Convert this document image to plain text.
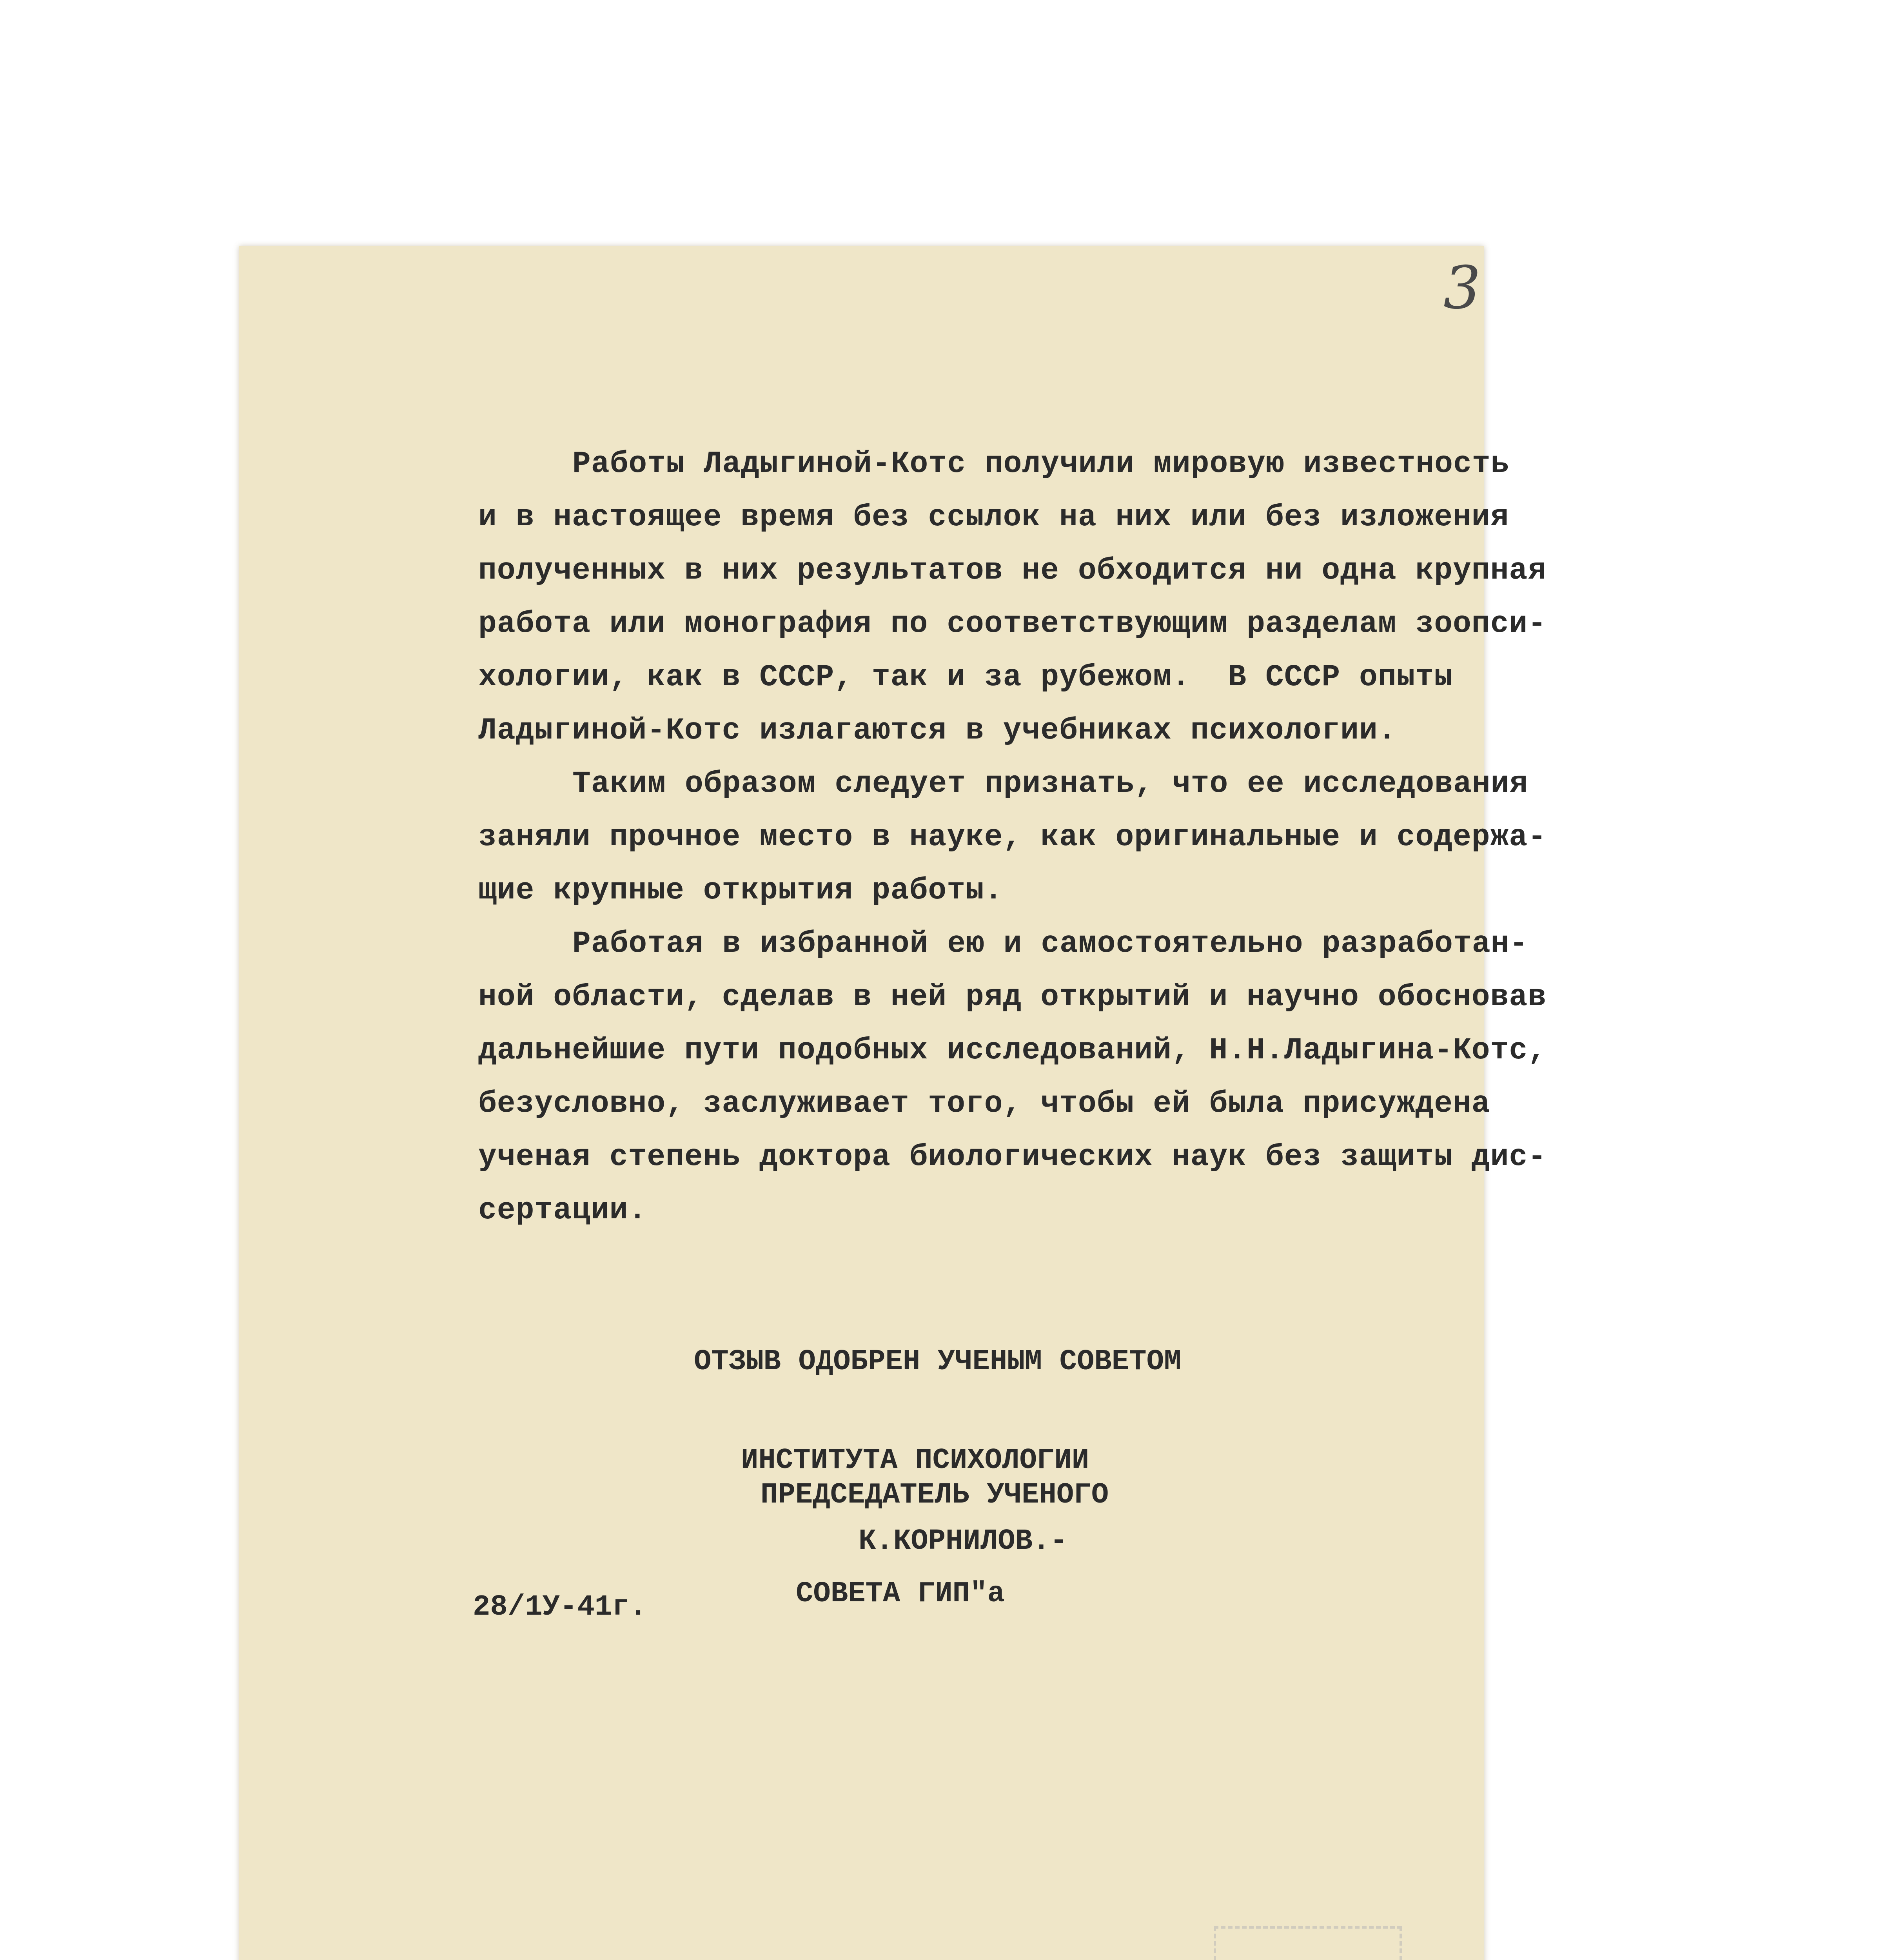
3
Работы Ладыгиной-Котс получили мировую известность
и в настоящее время без ссылок на них или без изложения
полученных в них результатов не обходится ни одна крупная
работа или монография по соответствующим разделам зоопси-
хологии, как в СССР, так и за рубежом.  В СССР опыты
Ладыгиной-Котс излагаются в учебниках психологии.
Таким образом следует признать, что ее исследования
заняли прочное место в науке, как оригинальные и содержа-
щие крупные открытия работы.
Работая в избранной ею и самостоятельно разработан-
ной области, сделав в ней ряд открытий и научно обосновав
дальнейшие пути подобных исследований, Н.Н.Ладыгина-Котс,
безусловно, заслуживает того, чтобы ей была присуждена
ученая степень доктора биологических наук без защиты дис-
сертации.

ОТЗЫВ ОДОБРЕН УЧЕНЫМ СОВЕТОМ

ИНСТИТУТА ПСИХОЛОГИИ

ПРЕДСЕДАТЕЛЬ УЧЕНОГО

СОВЕТА ГИП"а

К.КОРНИЛОВ.-
28/1У-41г.
